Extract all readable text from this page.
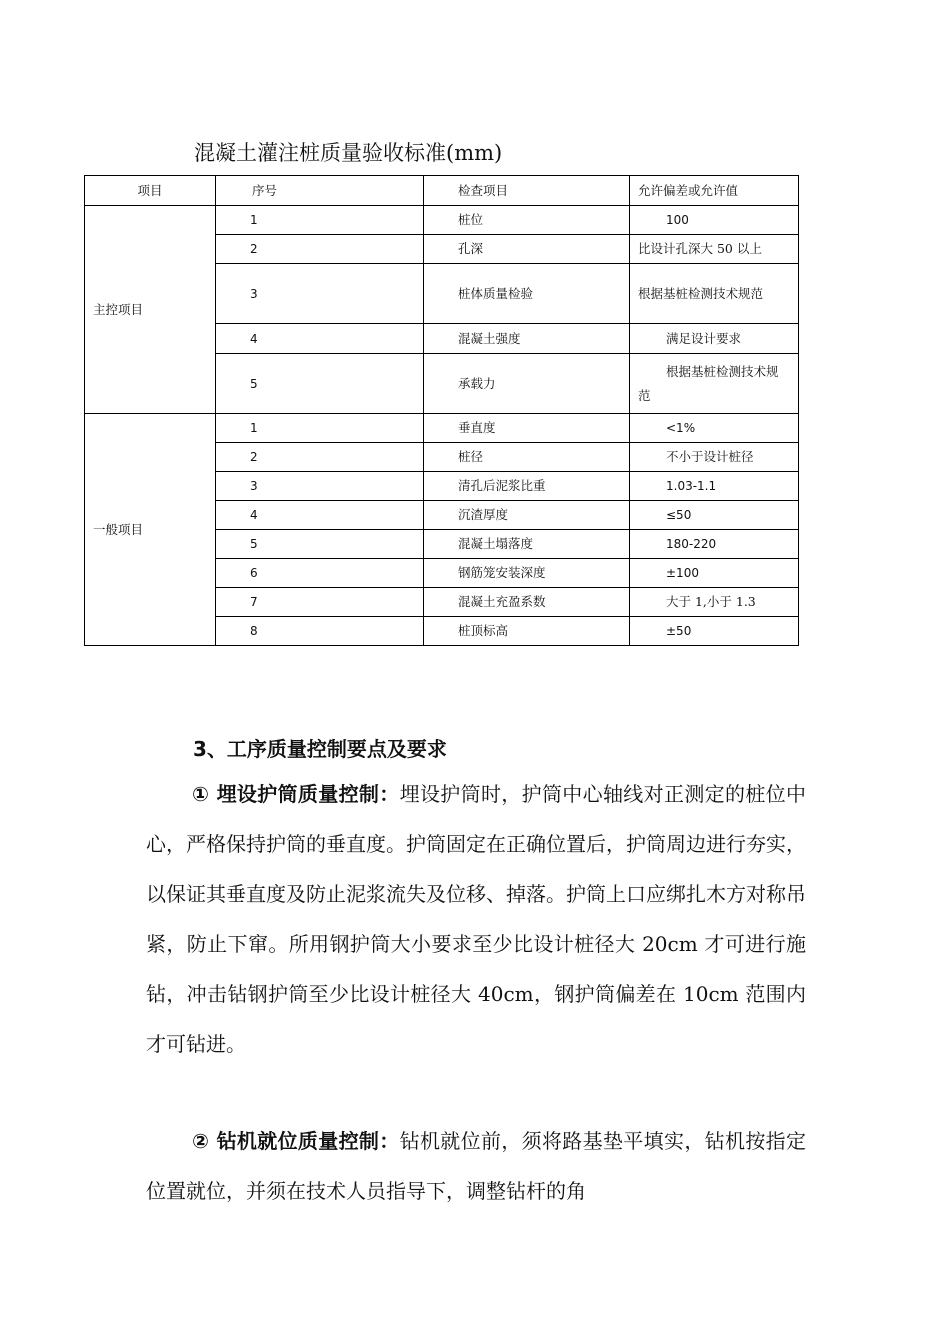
混凝土灌注桩质量验收标准(mm)
项目	序号	检查项目	允许偏差或允许值
主控项目	1	桩位	100
	2	孔深	比设计孔深大 50 以上
	3	桩体质量检验	根据基桩检测技术规范
	4	混凝土强度	满足设计要求
	5	承载力	根据基桩检测技术规范
一般项目	1	垂直度	<1%
	2	桩径	不小于设计桩径
	3	清孔后泥浆比重	1.03-1.1
	4	沉渣厚度	≤50
	5	混凝土塌落度	180-220
	6	钢筋笼安装深度	±100
	7	混凝土充盈系数	大于 1,小于 1.3
	8	桩顶标高	±50
3、工序质量控制要点及要求
① 埋设护筒质量控制：埋设护筒时，护筒中心轴线对正测定的桩位中心，严格保持护筒的垂直度。护筒固定在正确位置后，护筒周边进行夯实，以保证其垂直度及防止泥浆流失及位移、掉落。护筒上口应绑扎木方对称吊紧，防止下窜。所用钢护筒大小要求至少比设计桩径大 20cm 才可进行施钻，冲击钻钢护筒至少比设计桩径大 40cm，钢护筒偏差在 10cm 范围内才可钻进。
② 钻机就位质量控制：钻机就位前，须将路基垫平填实，钻机按指定位置就位，并须在技术人员指导下，调整钻杆的角
